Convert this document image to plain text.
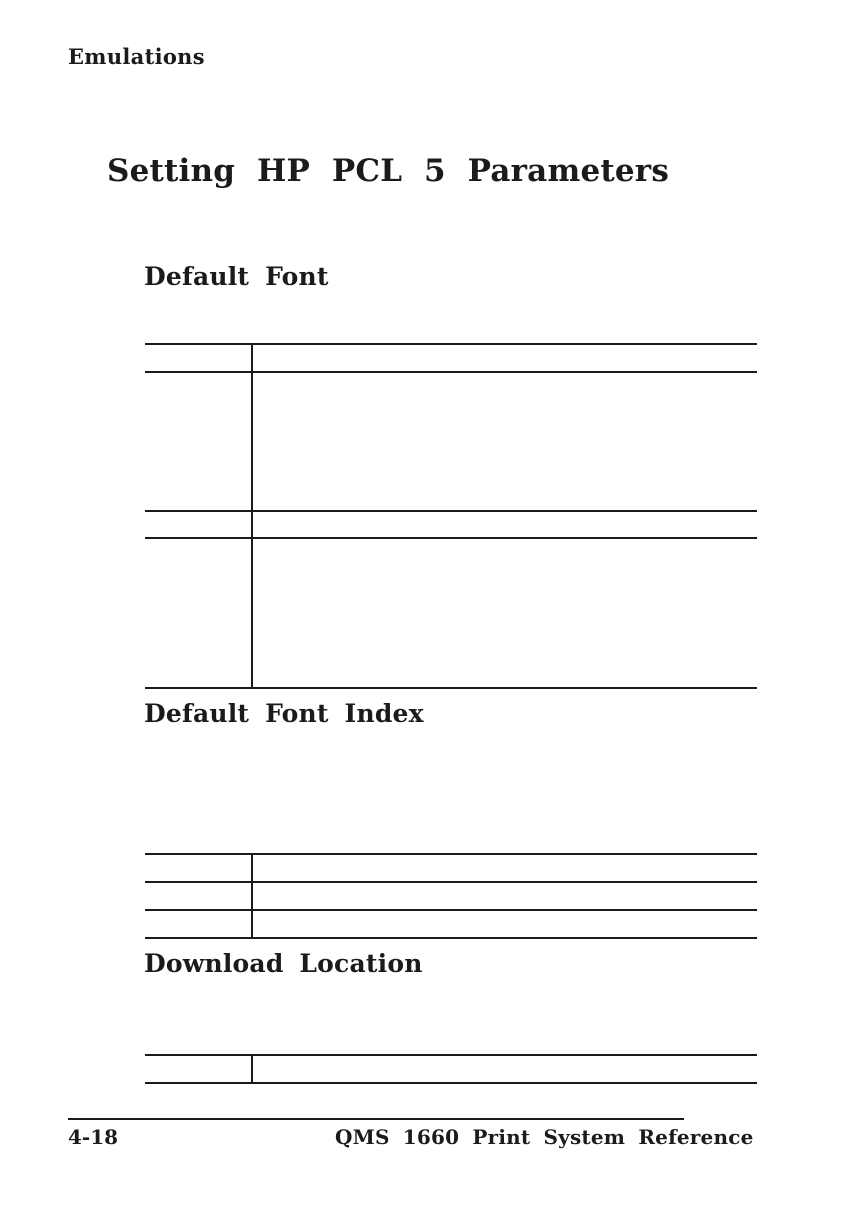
Emulations
Setting HP PCL 5 Parameters
Default Font

Default Font Index

Download Location

4-18	QMS 1660 Print System Reference
